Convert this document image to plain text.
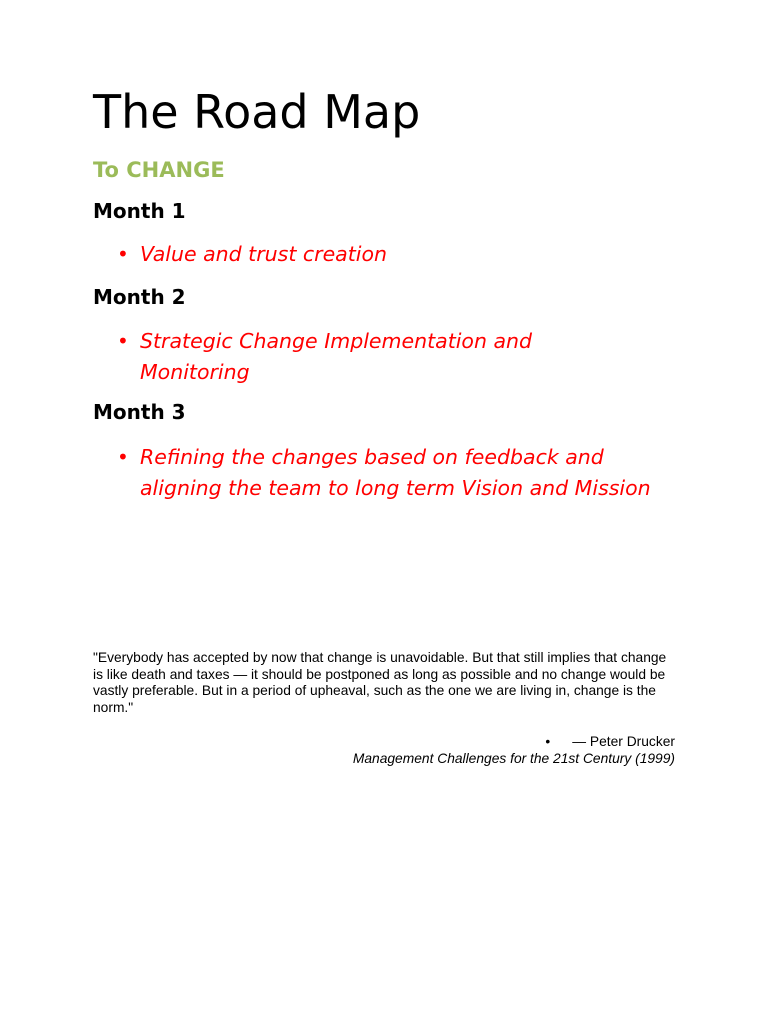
The Road Map
To CHANGE
Month 1
• Value and trust creation

Month 2
• Strategic Change Implementation and Monitoring

Month 3
• Refining the changes based on feedback and aligning the team to long term Vision and Mission

"Everybody has accepted by now that change is unavoidable. But that still implies that change is like death and taxes — it should be postponed as long as possible and no change would be vastly preferable. But in a period of upheaval, such as the one we are living in, change is the norm."

• — Peter Drucker
Management Challenges for the 21st Century (1999)
